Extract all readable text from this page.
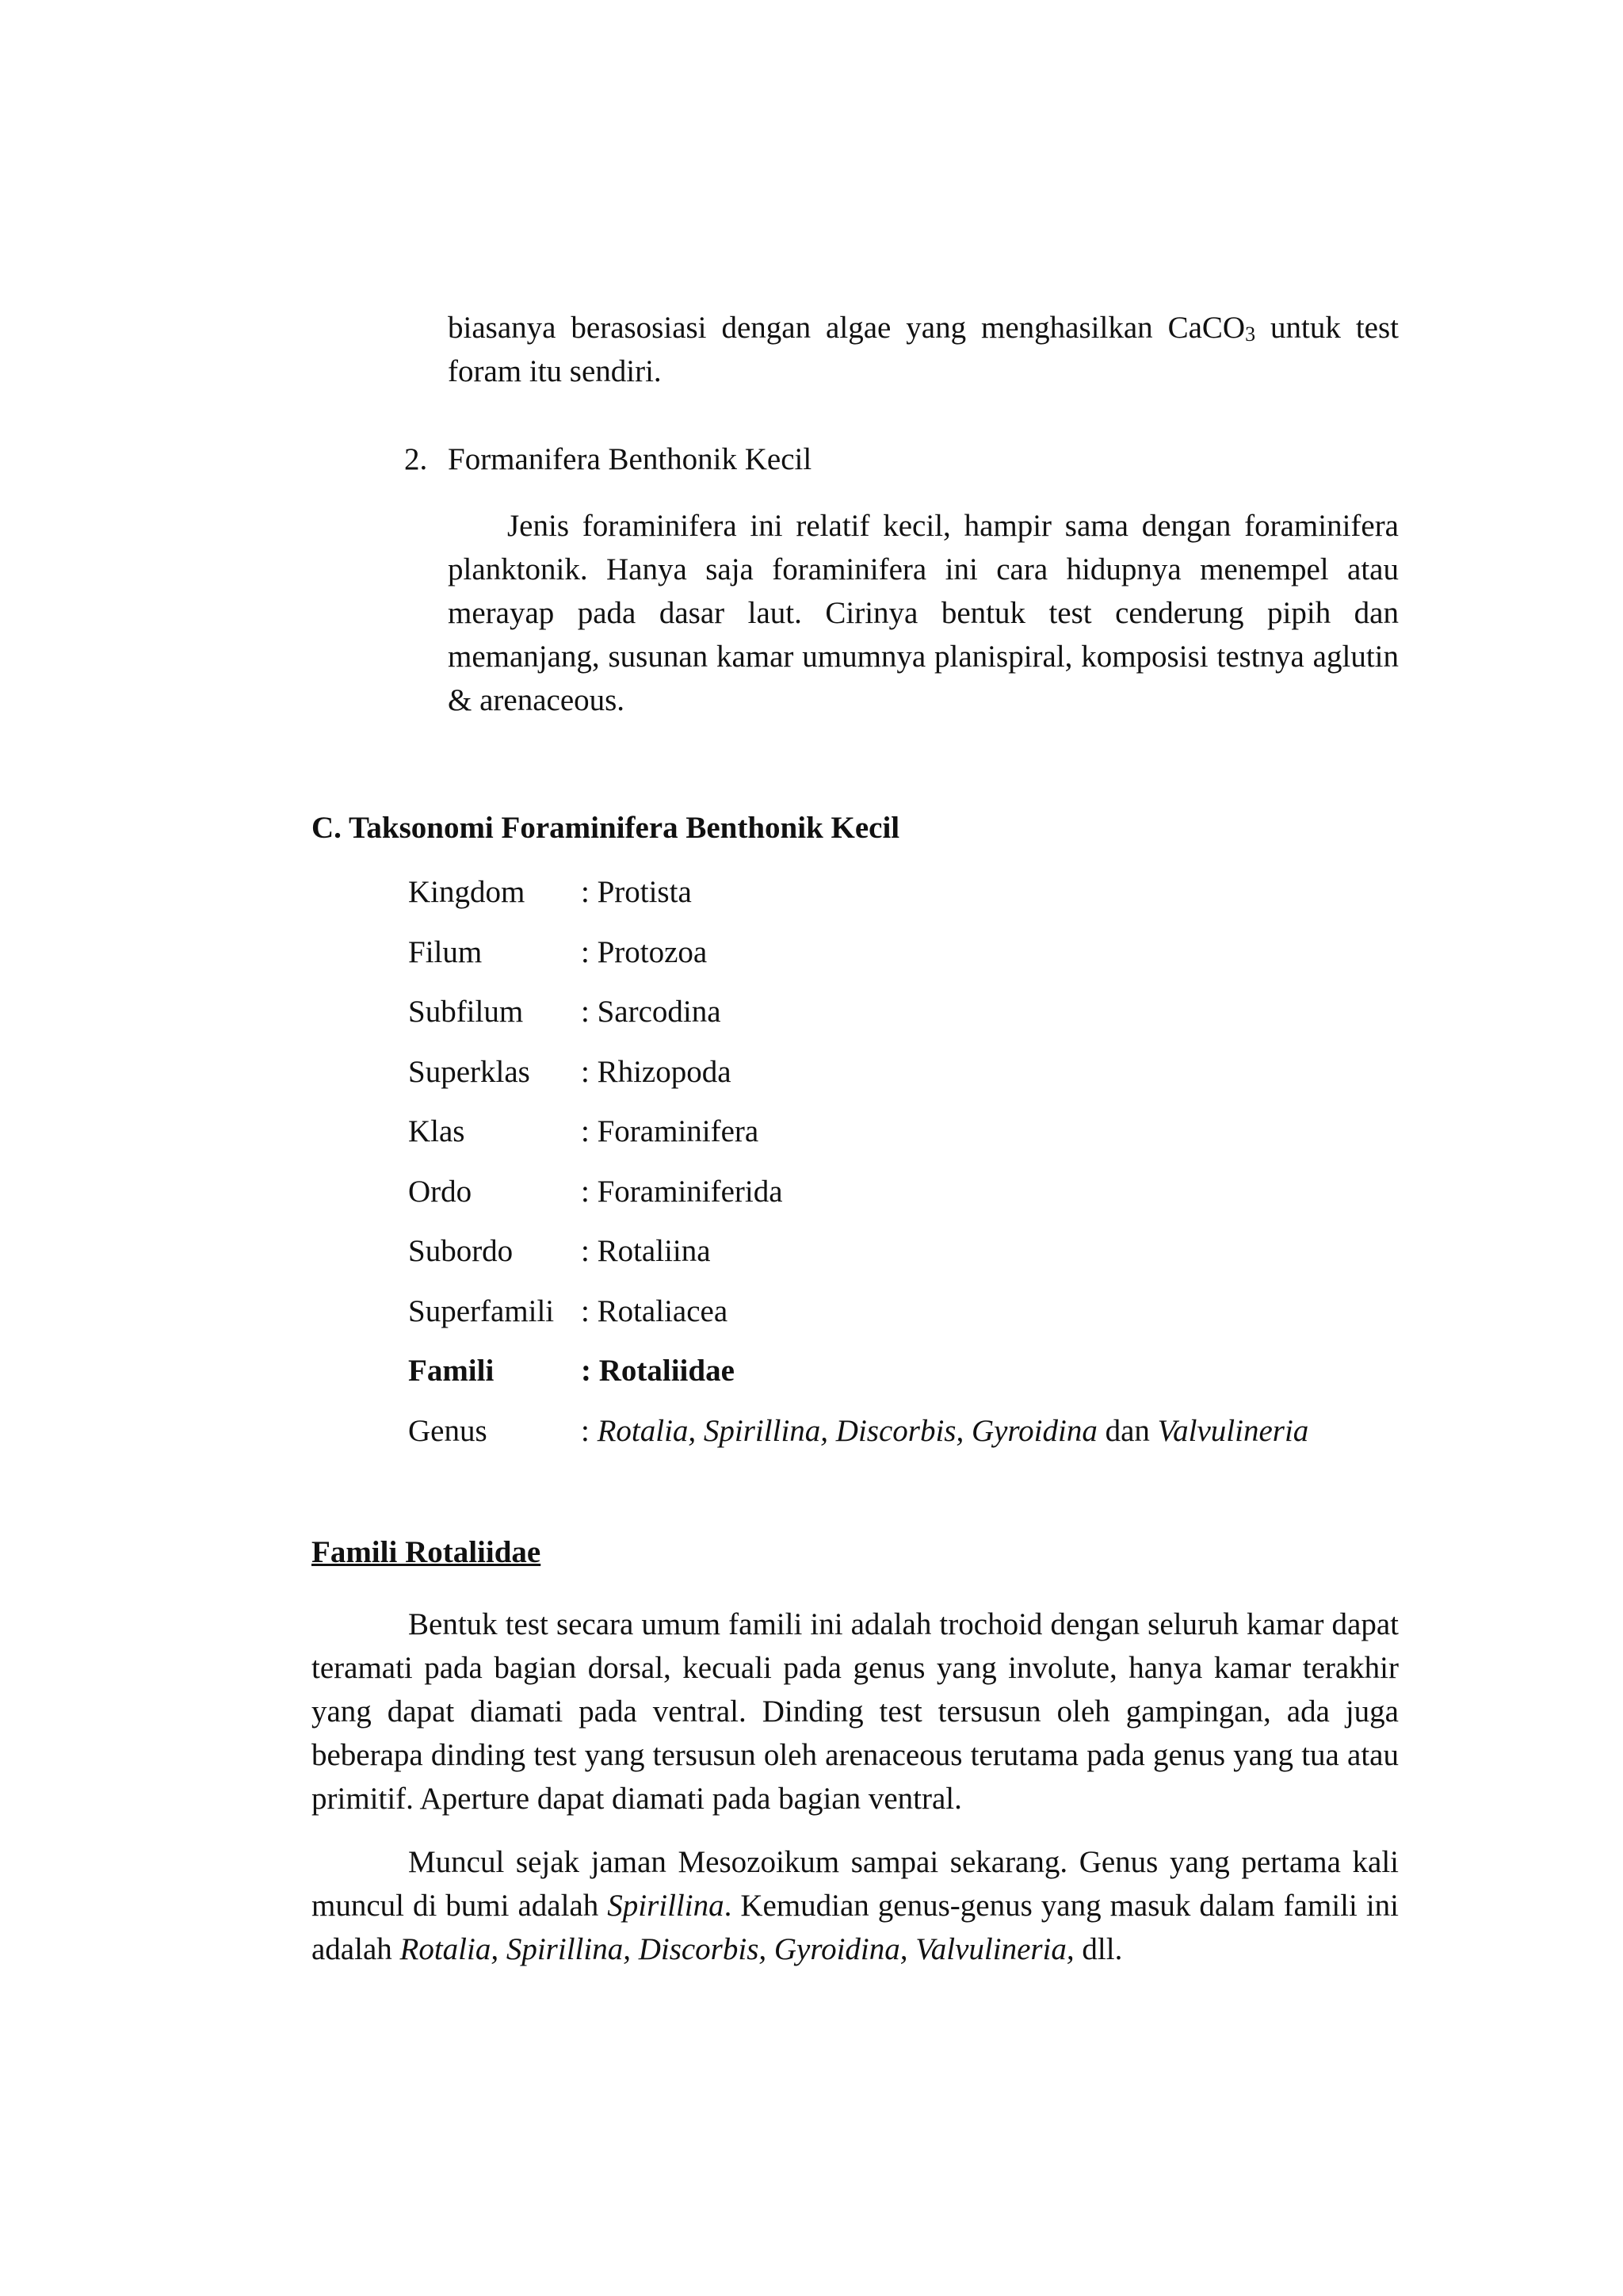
biasanya berasosiasi dengan algae yang menghasilkan CaCO$_3$ untuk test foram itu sendiri.
2. Formanifera Benthonik Kecil
Jenis foraminifera ini relatif kecil, hampir sama dengan foraminifera planktonik. Hanya saja foraminifera ini cara hidupnya menempel atau merayap pada dasar laut. Cirinya bentuk test cenderung pipih dan memanjang, susunan kamar umumnya planispiral, komposisi testnya aglutin & arenaceous.
C. Taksonomi Foraminifera Benthonik Kecil
Kingdom : Protista
Filum	: Protozoa
Subfilum : Sarcodina
Superklas : Rhizopoda
Klas	: Foraminifera
Ordo	: Foraminiferida
Subordo : Rotaliina
Superfamili : Rotaliacea
Famili	: Rotaliidae
Genus	: Rotalia, Spirillina, Discorbis, Gyroidina dan Valvulineria
Famili Rotaliidae
Bentuk test secara umum famili ini adalah trochoid dengan seluruh kamar dapat teramati pada bagian dorsal, kecuali pada genus yang involute, hanya kamar terakhir yang dapat diamati pada ventral. Dinding test tersusun oleh gampingan, ada juga beberapa dinding test yang tersusun oleh arenaceous terutama pada genus yang tua atau primitif. Aperture dapat diamati pada bagian ventral.
Muncul sejak jaman Mesozoikum sampai sekarang. Genus yang pertama kali muncul di bumi adalah Spirillina. Kemudian genus-genus yang masuk dalam famili ini adalah Rotalia, Spirillina, Discorbis, Gyroidina, Valvulineria, dll.
